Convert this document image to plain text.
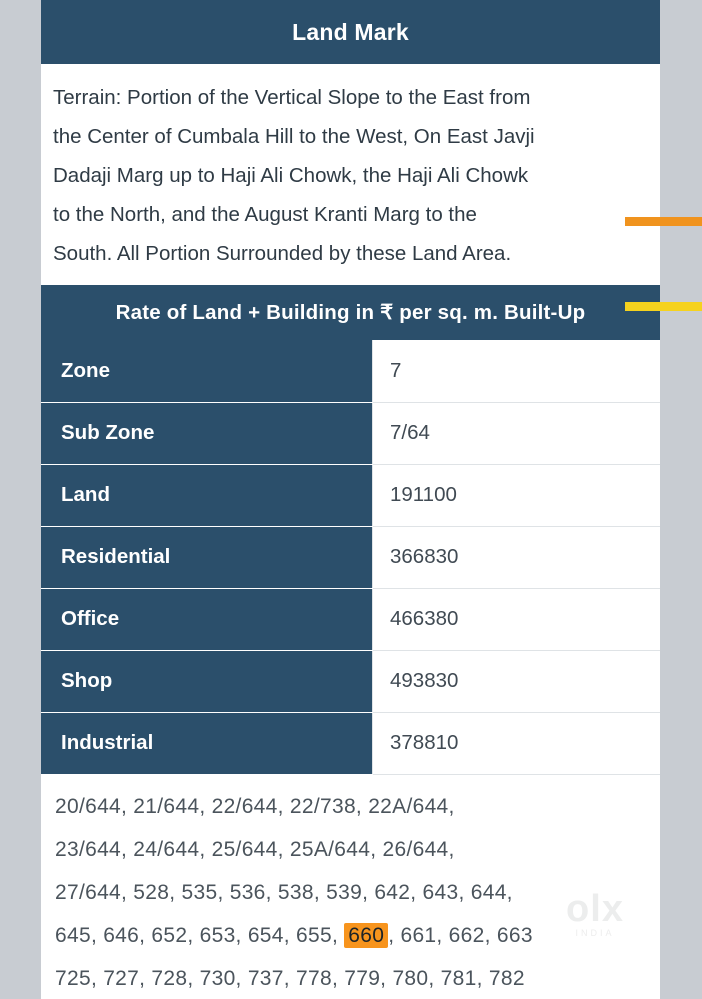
Land Mark
Terrain: Portion of the Vertical Slope to the East from
the Center of Cumbala Hill to the West, On East Javji
Dadaji Marg up to Haji Ali Chowk, the Haji Ali Chowk
to the North, and the August Kranti Marg to the
South. All Portion Surrounded by these Land Area.
Rate of Land + Building in ₹ per sq. m. Built-Up
Zone	7
Sub Zone	7/64
Land	191100
Residential	366830
Office	466380
Shop	493830
Industrial	378810
20/644, 21/644, 22/644, 22/738, 22A/644,
23/644, 24/644, 25/644, 25A/644, 26/644,
27/644, 528, 535, 536, 538, 539, 642, 643, 644,
645, 646, 652, 653, 654, 655, 660 , 661, 662, 663
725, 727, 728, 730, 737, 778, 779, 780, 781, 782
olx
INDIA
